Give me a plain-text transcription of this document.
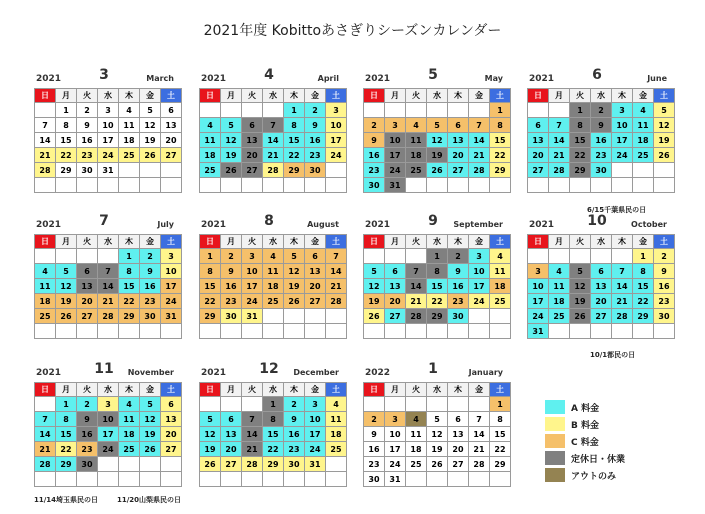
2021年度 Kobittoあさぎりシーズンカレンダー
2021	3	March
日	月	火	水	木	金	土
	1	2	3	4	5	6
7	8	9	10	11	12	13
14	15	16	17	18	19	20
21	22	23	24	25	26	27
28	29	30	31			

2021	4	April
日	月	火	水	木	金	土
				1	2	3
4	5	6	7	8	9	10
11	12	13	14	15	16	17
18	19	20	21	22	23	24
25	26	27	28	29	30	

2021	5	May
日	月	火	水	木	金	土
						1
2	3	4	5	6	7	8
9	10	11	12	13	14	15
16	17	18	19	20	21	22
23	24	25	26	27	28	29
30	31					
2021	6	June
日	月	火	水	木	金	土
		1	2	3	4	5
6	7	8	9	10	11	12
13	14	15	16	17	18	19
20	21	22	23	24	25	26
27	28	29	30			

2021	7	July
日	月	火	水	木	金	土
				1	2	3
4	5	6	7	8	9	10
11	12	13	14	15	16	17
18	19	20	21	22	23	24
25	26	27	28	29	30	31

2021	8	August
日	月	火	水	木	金	土
1	2	3	4	5	6	7
8	9	10	11	12	13	14
15	16	17	18	19	20	21
22	23	24	25	26	27	28
29	30	31				

2021	9	September
日	月	火	水	木	金	土
			1	2	3	4
5	6	7	8	9	10	11
12	13	14	15	16	17	18
19	20	21	22	23	24	25
26	27	28	29	30		

2021 10	October
日	月	火	水	木	金	土
					1	2
3	4	5	6	7	8	9
10	11	12	13	14	15	16
17	18	19	20	21	22	23
24	25	26	27	28	29	30
31						
2021 11 November
日	月	火	水	木	金	土
	1	2	3	4	5	6
7	8	9	10	11	12	13
14	15	16	17	18	19	20
21	22	23	24	25	26	27
28	29	30				

2021 12 December
日	月	火	水	木	金	土
			1	2	3	4
5	6	7	8	9	10	11
12	13	14	15	16	17	18
19	20	21	22	23	24	25
26	27	28	29	30	31	

2022	1	January
日	月	火	水	木	金	土
						1
2	3	4	5	6	7	8
9	10	11	12	13	14	15
16	17	18	19	20	21	22
23	24	25	26	27	28	29
30	31					
6/15千葉県民の日
10/1都民の日
11/14埼玉県民の日	11/20山梨県民の日
A 料金
B 料金
C 料金
定休日・休業
アウトのみ
